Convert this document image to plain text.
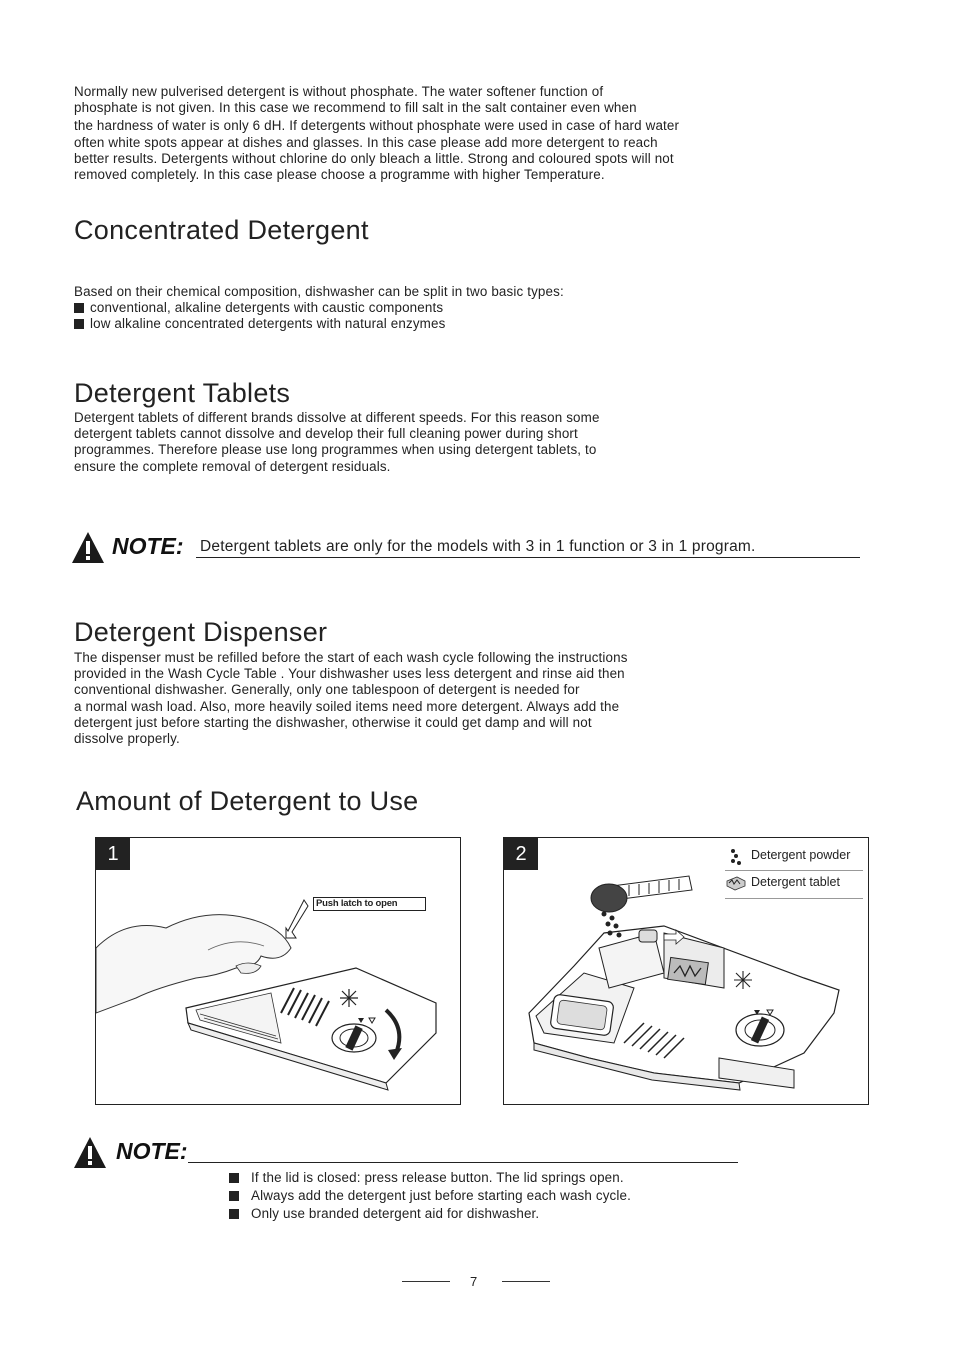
Normally new pulverised detergent is without phosphate. The water softener function of
phosphate is not given. In this case we recommend to fill salt in the salt container even when
the hardness of water is only 6 dH. If detergents without phosphate were used in case of hard water
often white spots appear at dishes and glasses. In this case please add more detergent to reach
better results. Detergents without chlorine do only bleach a little. Strong and coloured spots will not
removed completely. In this case please choose a programme with higher Temperature.
Concentrated Detergent
Based on their chemical composition, dishwasher can be split in two basic types:
conventional, alkaline detergents with caustic components
low alkaline concentrated detergents with natural enzymes
Detergent Tablets
Detergent tablets of different brands dissolve at different speeds. For this reason some
detergent tablets cannot dissolve and develop their full cleaning power during short
programmes. Therefore please use long programmes when using detergent tablets, to
ensure the complete removal of detergent residuals.
NOTE: Detergent tablets are only for the models with 3 in 1 function or 3 in 1 program.
Detergent Dispenser
The dispenser must be refilled before the start of each wash cycle following the instructions
provided in the Wash Cycle Table . Your dishwasher uses less detergent and rinse aid then
conventional dishwasher. Generally, only one tablespoon of detergent is needed for
a normal wash load. Also, more heavily soiled items need more detergent. Always add the
detergent just before starting the dishwasher, otherwise it could get damp and will not
dissolve properly.
Amount of Detergent to Use
1
Push latch to open
2	Detergent powder
Detergent tablet
NOTE:
If the lid is closed: press release button. The lid springs open.
Always add the detergent just before starting each wash cycle.
Only use branded detergent aid for dishwasher.
7
